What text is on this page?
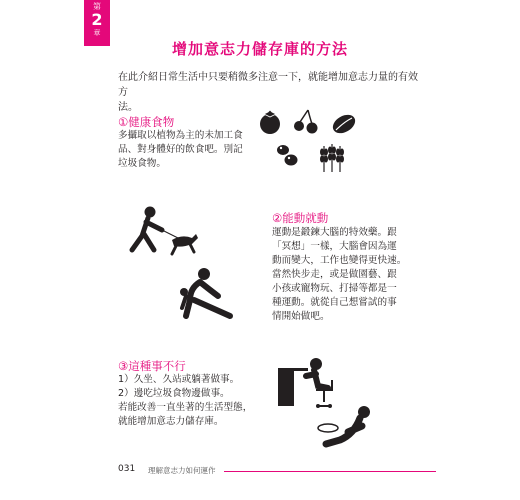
第
2
章
增加意志力儲存庫的方法
在此介紹日常生活中只要稍微多注意一下，就能增加意志力量的有效方
法。
①健康食物
多攝取以植物為主的未加工食
品、對身體好的飲食吧。別記
垃圾食物。
②能動就動
運動是鍛鍊大腦的特效藥。跟
「冥想」一樣，大腦會因為運
動而變大，工作也變得更快速。
當然快步走，或是做園藝、跟
小孩或寵物玩、打掃等都是一
種運動。就從自己想嘗試的事
情開始做吧。
③這種事不行
1）久坐、久站或躺著做事。
2）邊吃垃圾食物邊做事。
若能改善一直坐著的生活型態，
就能增加意志力儲存庫。
031 理解意志力如何運作
